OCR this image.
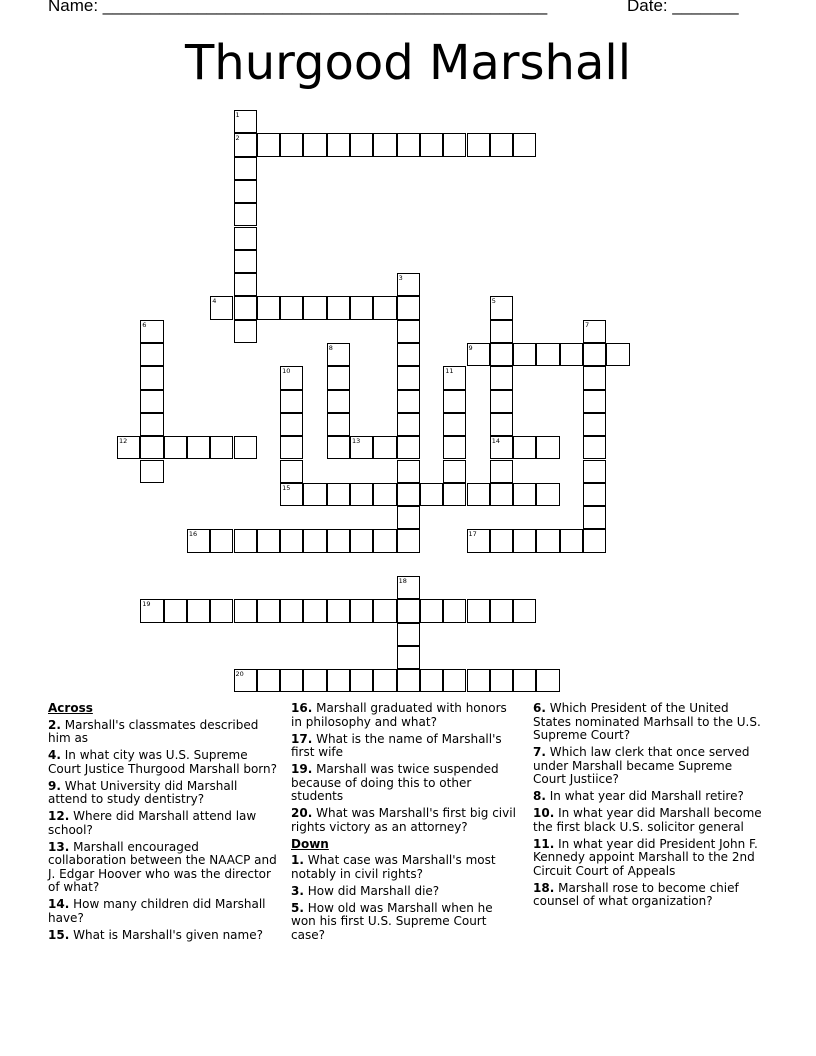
Name: _______________________________________________	Date: _______
Thurgood Marshall
1
2
3
4	5
14
6	7
8	9
10	11
12	13
15
16	17
18
19
20
Across
2. Marshall's classmates described him as
4. In what city was U.S. Supreme Court Justice Thurgood Marshall born?
9. What University did Marshall attend to study dentistry?
12. Where did Marshall attend law school?
13. Marshall encouraged collaboration between the NAACP and J. Edgar Hoover who was the director of what?
14. How many children did Marshall have?
15. What is Marshall's given name?
16. Marshall graduated with honors in philosophy and what?
17. What is the name of Marshall's first wife
19. Marshall was twice suspended because of doing this to other students
20. What was Marshall's first big civil rights victory as an attorney?
Down
1. What case was Marshall's most notably in civil rights?
3. How did Marshall die?
5. How old was Marshall when he won his first U.S. Supreme Court case?
6. Which President of the United States nominated Marhsall to the U.S. Supreme Court?
7. Which law clerk that once served under Marshall became Supreme Court Justiice?
8. In what year did Marshall retire?
10. In what year did Marshall become the first black U.S. solicitor general
11. In what year did President John F. Kennedy appoint Marshall to the 2nd Circuit Court of Appeals
18. Marshall rose to become chief counsel of what organization?
